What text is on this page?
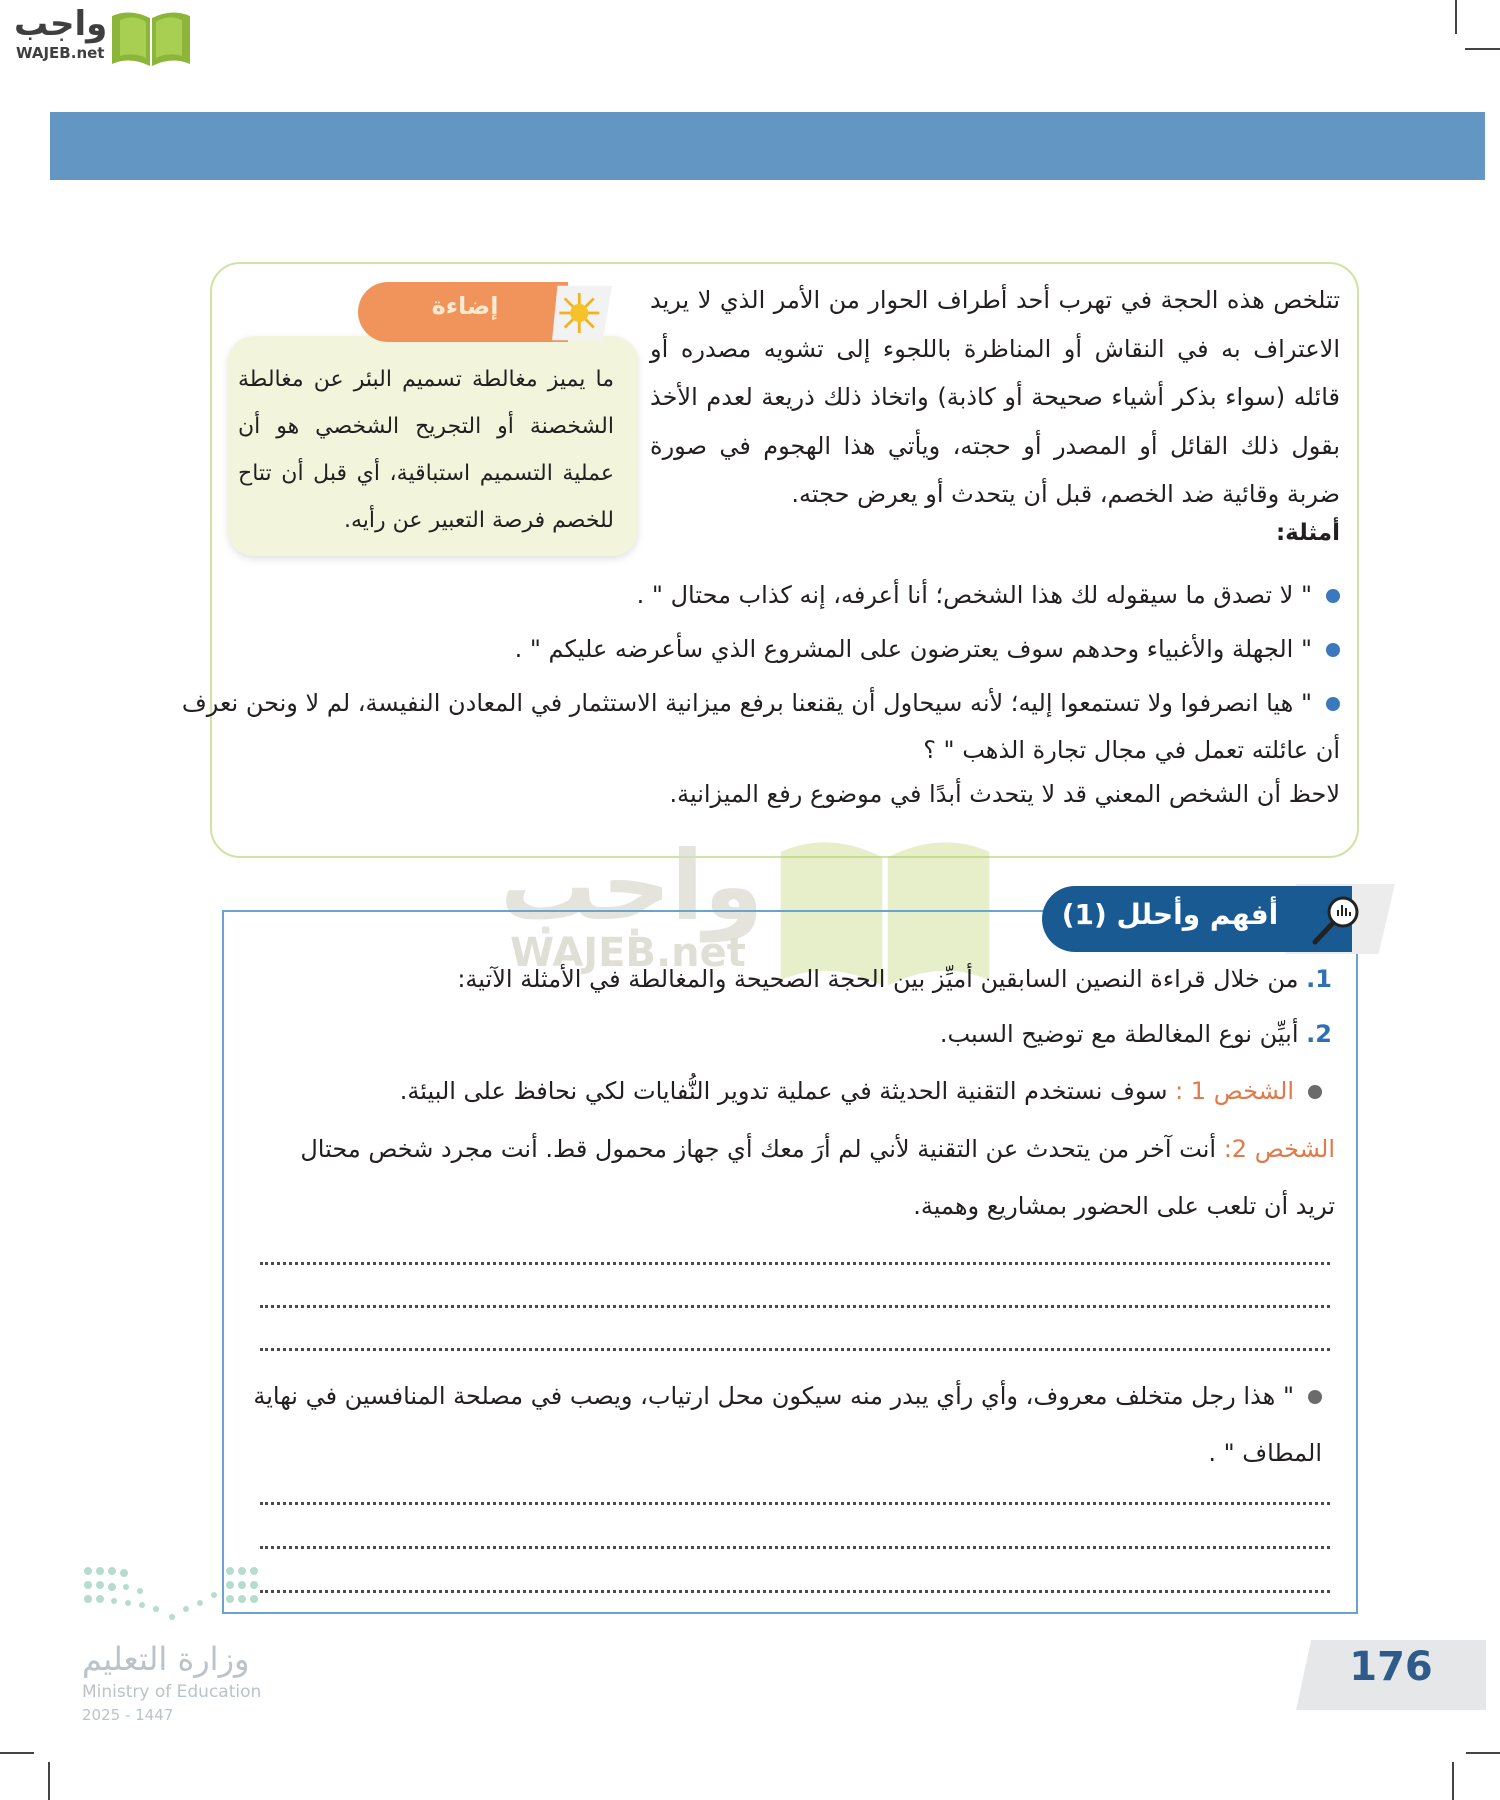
واجب
WAJEB.net
تتلخص هذه الحجة في تهرب أحد أطراف الحوار من الأمر الذي لا يريد الاعتراف به في النقاش أو المناظرة باللجوء إلى تشويه مصدره أو قائله (سواء بذكر أشياء صحيحة أو كاذبة) واتخاذ ذلك ذريعة لعدم الأخذ بقول ذلك القائل أو المصدر أو حجته، ويأتي هذا الهجوم في صورة ضربة وقائية ضد الخصم، قبل أن يتحدث أو يعرض حجته.
ما يميز مغالطة تسميم البئر عن مغالطة الشخصنة أو التجريح الشخصي هو أن عملية التسميم استباقية، أي قبل أن تتاح للخصم فرصة التعبير عن رأيه.
إضاءة
أمثلة:
" لا تصدق ما سيقوله لك هذا الشخص؛ أنا أعرفه، إنه كذاب محتال " .
" الجهلة والأغبياء وحدهم سوف يعترضون على المشروع الذي سأعرضه عليكم " .
" هيا انصرفوا ولا تستمعوا إليه؛ لأنه سيحاول أن يقنعنا برفع ميزانية الاستثمار في المعادن النفيسة، لم لا ونحن نعرف أن عائلته تعمل في مجال تجارة الذهب " ؟
لاحظ أن الشخص المعني قد لا يتحدث أبدًا في موضوع رفع الميزانية.
واجب
WAJEB.net
أفهم وأحلل (1)
1. من خلال قراءة النصين السابقين أميِّز بين الحجة الصحيحة والمغالطة في الأمثلة الآتية:
2. أبيِّن نوع المغالطة مع توضيح السبب.
الشخص 1 : سوف نستخدم التقنية الحديثة في عملية تدوير النُّفايات لكي نحافظ على البيئة.
الشخص 2: أنت آخر من يتحدث عن التقنية لأني لم أرَ معك أي جهاز محمول قط. أنت مجرد شخص محتال تريد أن تلعب على الحضور بمشاريع وهمية.
" هذا رجل متخلف معروف، وأي رأي يبدر منه سيكون محل ارتياب، ويصب في مصلحة المنافسين في نهاية المطاف " .
وزارة التعليم
Ministry of Education
2025 - 1447
176
